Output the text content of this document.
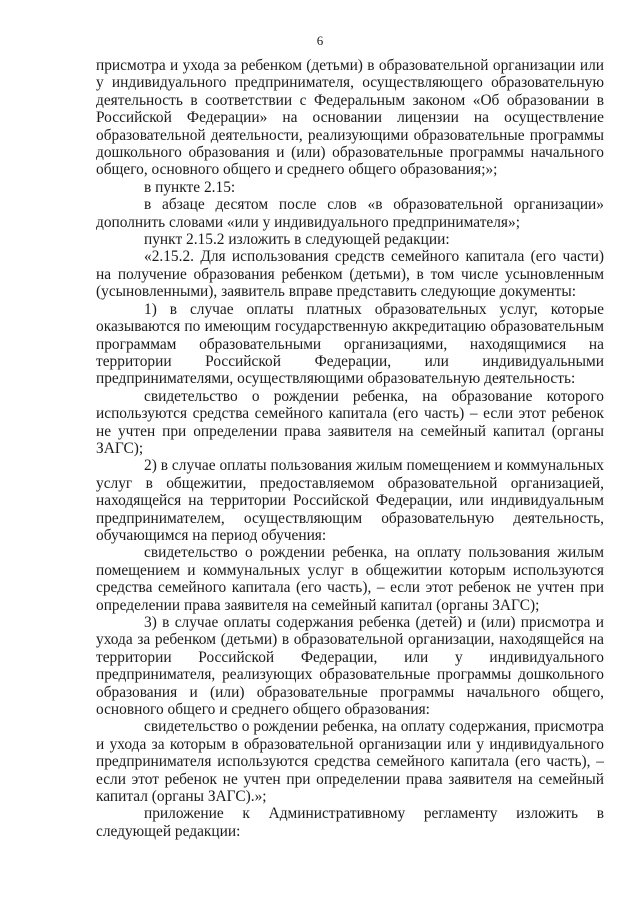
6

присмотра и ухода за ребенком (детьми) в образовательной организации или у индивидуального предпринимателя, осуществляющего образовательную деятельность в соответствии с Федеральным законом «Об образовании в Российской Федерации» на основании лицензии на осуществление образовательной деятельности, реализующими образовательные программы дошкольного образования и (или) образовательные программы начального общего, основного общего и среднего общего образования;»;

в пункте 2.15:

в абзаце десятом после слов «в образовательной организации» дополнить словами «или у индивидуального предпринимателя»;

пункт 2.15.2 изложить в следующей редакции:

«2.15.2. Для использования средств семейного капитала (его части) на получение образования ребенком (детьми), в том числе усыновленным (усыновленными), заявитель вправе представить следующие документы:

1) в случае оплаты платных образовательных услуг, которые оказываются по имеющим государственную аккредитацию образовательным программам образовательными организациями, находящимися на территории Российской Федерации, или индивидуальными предпринимателями, осуществляющими образовательную деятельность:

свидетельство о рождении ребенка, на образование которого используются средства семейного капитала (его часть) – если этот ребенок не учтен при определении права заявителя на семейный капитал (органы ЗАГС);

2) в случае оплаты пользования жилым помещением и коммунальных услуг в общежитии, предоставляемом образовательной организацией, находящейся на территории Российской Федерации, или индивидуальным предпринимателем, осуществляющим образовательную деятельность, обучающимся на период обучения:

свидетельство о рождении ребенка, на оплату пользования жилым помещением и коммунальных услуг в общежитии которым используются средства семейного капитала (его часть), – если этот ребенок не учтен при определении права заявителя на семейный капитал (органы ЗАГС);

3) в случае оплаты содержания ребенка (детей) и (или) присмотра и ухода за ребенком (детьми) в образовательной организации, находящейся на территории Российской Федерации, или у индивидуального предпринимателя, реализующих образовательные программы дошкольного образования и (или) образовательные программы начального общего, основного общего и среднего общего образования:

свидетельство о рождении ребенка, на оплату содержания, присмотра и ухода за которым в образовательной организации или у индивидуального предпринимателя используются средства семейного капитала (его часть), – если этот ребенок не учтен при определении права заявителя на семейный капитал (органы ЗАГС).»;

приложение к Административному регламенту изложить в следующей редакции:
